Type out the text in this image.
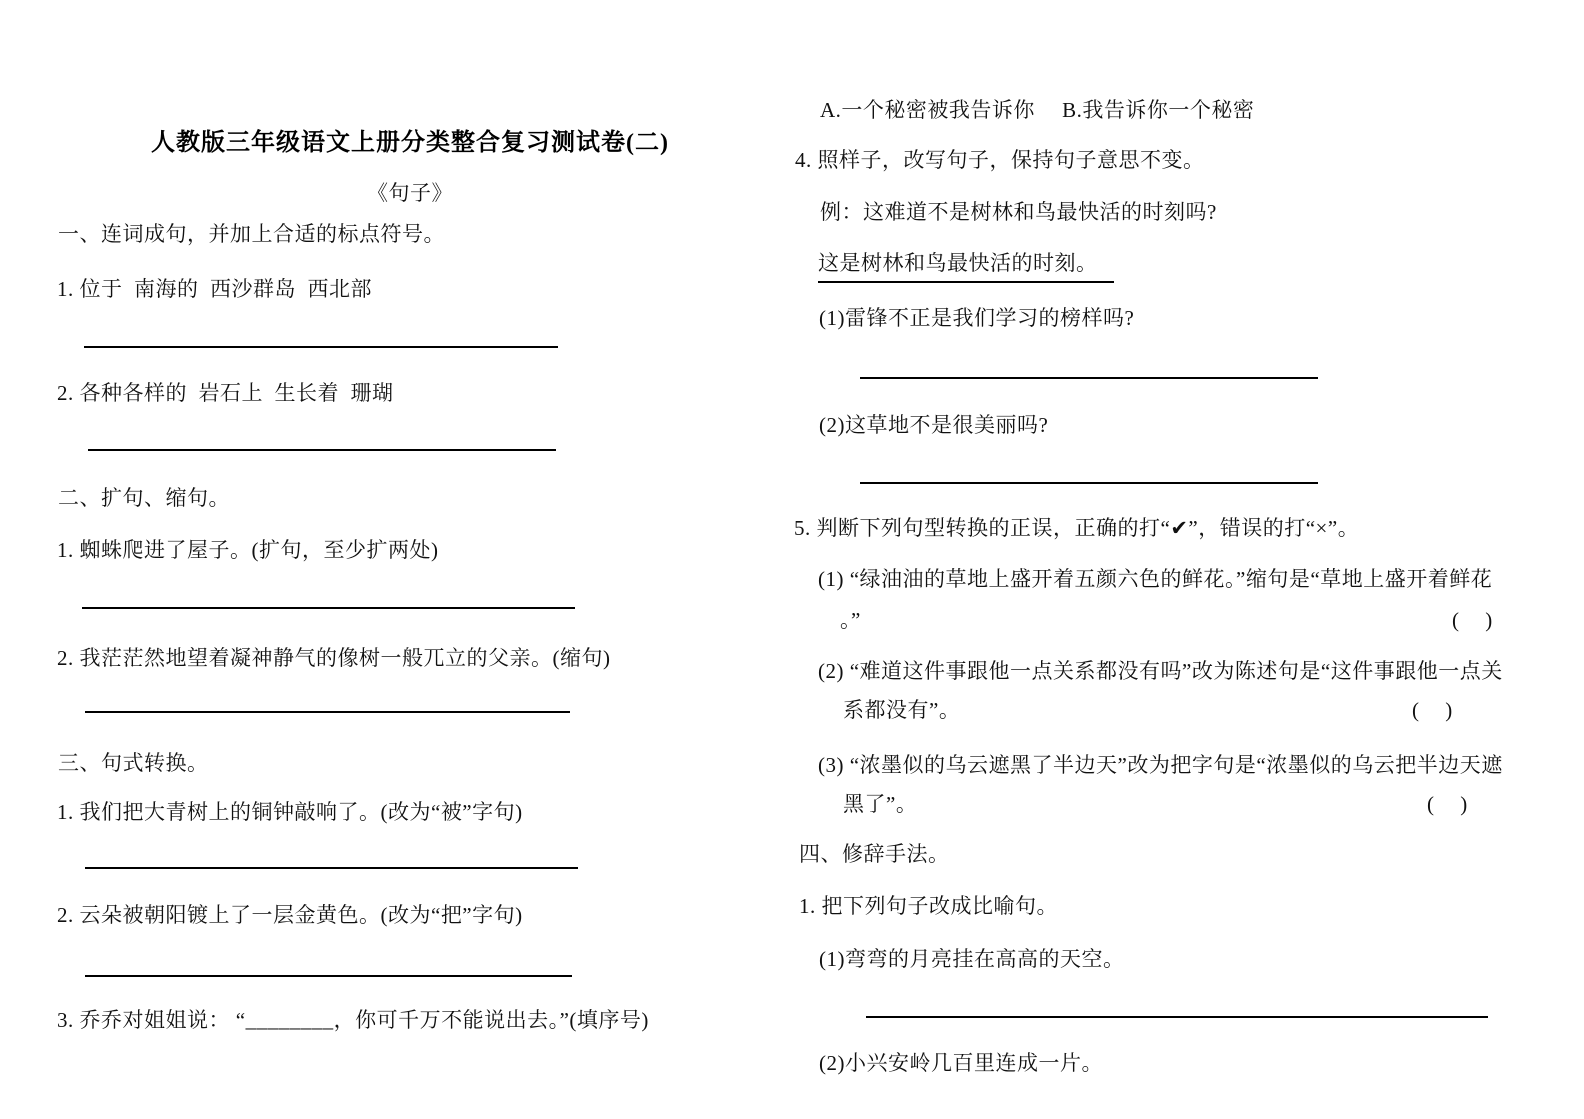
人教版三年级语文上册分类整合复习测试卷(二)
《句子》
一、连词成句，并加上合适的标点符号。
1. 位于  南海的  西沙群岛  西北部
2. 各种各样的  岩石上  生长着  珊瑚
二、扩句、缩句。
1. 蜘蛛爬进了屋子。(扩句，至少扩两处)
2. 我茫茫然地望着凝神静气的像树一般兀立的父亲。(缩句)
三、句式转换。
1. 我们把大青树上的铜钟敲响了。(改为“被”字句)
2. 云朵被朝阳镀上了一层金黄色。(改为“把”字句)
3. 乔乔对姐姐说： “________，你可千万不能说出去。”(填序号)
A.一个秘密被我告诉你　 B.我告诉你一个秘密
4. 照样子，改写句子，保持句子意思不变。
例：这难道不是树林和鸟最快活的时刻吗?
这是树林和鸟最快活的时刻。
(1)雷锋不正是我们学习的榜样吗?
(2)这草地不是很美丽吗?
5. 判断下列句型转换的正误，正确的打“✔”，错误的打“×”。
(1) “绿油油的草地上盛开着五颜六色的鲜花。”缩句是“草地上盛开着鲜花
。”	(　 )
(2) “难道这件事跟他一点关系都没有吗”改为陈述句是“这件事跟他一点关
系都没有”。	(　 )
(3) “浓墨似的乌云遮黑了半边天”改为把字句是“浓墨似的乌云把半边天遮
黑了”。	(　 )
四、修辞手法。
1. 把下列句子改成比喻句。
(1)弯弯的月亮挂在高高的天空。
(2)小兴安岭几百里连成一片。
